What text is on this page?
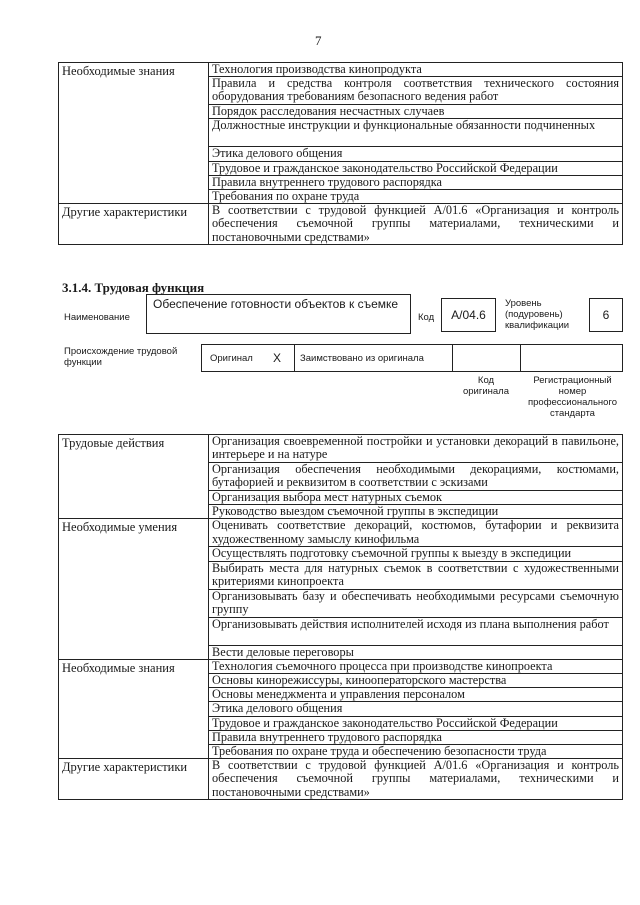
7
Необходимые знания	Технология производства кинопродукта
	Правила и средства контроля соответствия технического состояния оборудования требованиям безопасного ведения работ
	Порядок расследования несчастных случаев
	Должностные инструкции и функциональные обязанности подчиненных
	Этика делового общения
	Трудовое и гражданское законодательство Российской Федерации
	Правила внутреннего трудового распорядка
	Требования по охране труда
Другие характеристики	В соответствии с трудовой функцией А/01.6 «Организация и контроль обеспечения съемочной группы материалами, техническими и постановочными средствами»
3.1.4. Трудовая функция
Наименование
Обеспечение готовности объектов к съемке
Код	А/04.6
Уровень (подуровень) квалификации
6
Происхождение трудовой функции	Оригинал X Заимствовано из оригинала
Код оригинала
Регистрационный номер профессионального стандарта
Трудовые действия	Организация своевременной постройки и установки декораций в павильоне, интерьере и на натуре
	Организация обеспечения необходимыми декорациями, костюмами, бутафорией и реквизитом в соответствии с эскизами
	Организация выбора мест натурных съемок
	Руководство выездом съемочной группы в экспедиции
Необходимые умения	Оценивать соответствие декораций, костюмов, бутафории и реквизита художественному замыслу кинофильма
	Осуществлять подготовку съемочной группы к выезду в экспедиции
	Выбирать места для натурных съемок в соответствии с художественными критериями кинопроекта
	Организовывать базу и обеспечивать необходимыми ресурсами съемочную группу
	Организовывать действия исполнителей исходя из плана выполнения работ
	Вести деловые переговоры
Необходимые знания	Технология съемочного процесса при производстве кинопроекта
	Основы кинорежиссуры, кинооператорского мастерства
	Основы менеджмента и управления персоналом
	Этика делового общения
	Трудовое и гражданское законодательство Российской Федерации
	Правила внутреннего трудового распорядка
	Требования по охране труда и обеспечению безопасности труда
Другие характеристики	В соответствии с трудовой функцией А/01.6 «Организация и контроль обеспечения съемочной группы материалами, техническими и постановочными средствами»
